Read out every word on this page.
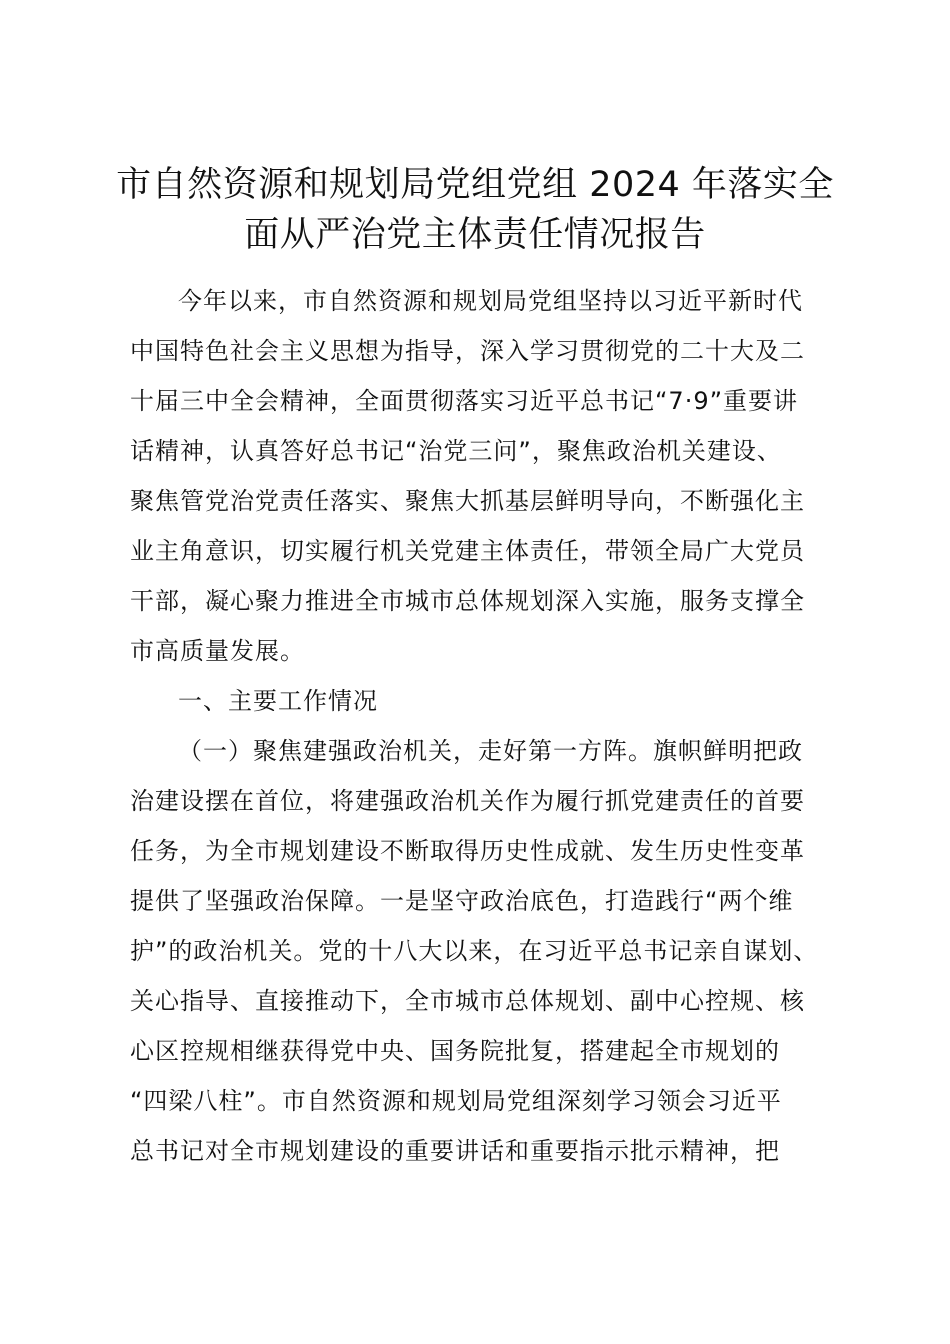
市自然资源和规划局党组党组 2024 年落实全
面从严治党主体责任情况报告
今年以来，市自然资源和规划局党组坚持以习近平新时代
中国特色社会主义思想为指导，深入学习贯彻党的二十大及二
十届三中全会精神，全面贯彻落实习近平总书记“7·9”重要讲
话精神，认真答好总书记“治党三问”，聚焦政治机关建设、
聚焦管党治党责任落实、聚焦大抓基层鲜明导向，不断强化主
业主角意识，切实履行机关党建主体责任，带领全局广大党员
干部，凝心聚力推进全市城市总体规划深入实施，服务支撑全
市高质量发展。
一、主要工作情况
（一）聚焦建强政治机关，走好第一方阵。旗帜鲜明把政
治建设摆在首位，将建强政治机关作为履行抓党建责任的首要
任务，为全市规划建设不断取得历史性成就、发生历史性变革
提供了坚强政治保障。一是坚守政治底色，打造践行“两个维
护”的政治机关。党的十八大以来，在习近平总书记亲自谋划、
关心指导、直接推动下，全市城市总体规划、副中心控规、核
心区控规相继获得党中央、国务院批复，搭建起全市规划的
“四梁八柱”。市自然资源和规划局党组深刻学习领会习近平
总书记对全市规划建设的重要讲话和重要指示批示精神，把
